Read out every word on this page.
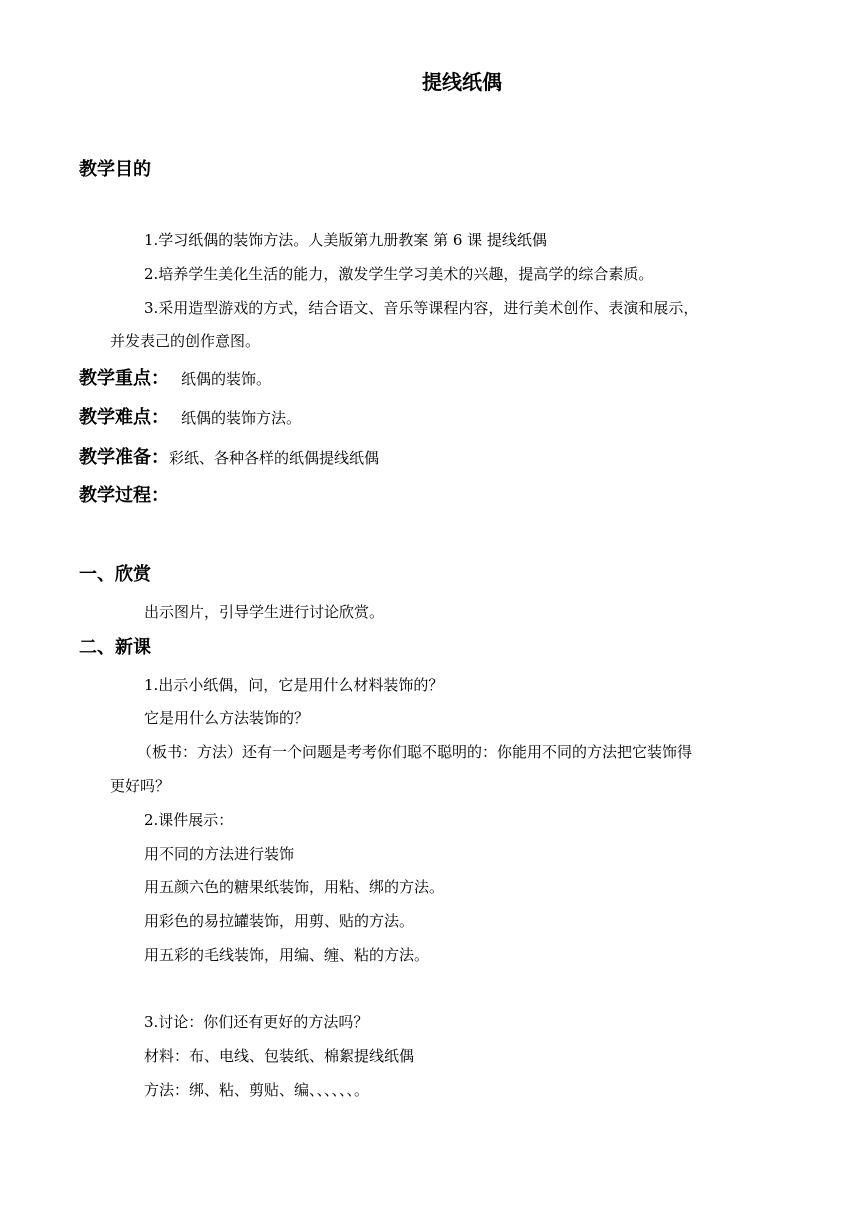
提线纸偶
教学目的
1.学习纸偶的装饰方法。人美版第九册教案 第 6 课 提线纸偶
2.培养学生美化生活的能力，激发学生学习美术的兴趣，提高学的综合素质。
3.采用造型游戏的方式，结合语文、音乐等课程内容，进行美术创作、表演和展示，
并发表己的创作意图。
教学重点： 纸偶的装饰。
教学难点： 纸偶的装饰方法。
教学准备：彩纸、各种各样的纸偶提线纸偶
教学过程：
一、欣赏
出示图片，引导学生进行讨论欣赏。
二、新课
1.出示小纸偶，问，它是用什么材料装饰的？
它是用什么方法装饰的？
（板书：方法）还有一个问题是考考你们聪不聪明的：你能用不同的方法把它装饰得
更好吗？
2.课件展示：
用不同的方法进行装饰
用五颜六色的糖果纸装饰，用粘、绑的方法。
用彩色的易拉罐装饰，用剪、贴的方法。
用五彩的毛线装饰，用编、缠、粘的方法。
3.讨论：你们还有更好的方法吗？
材料：布、电线、包装纸、棉絮提线纸偶
方法：绑、粘、剪贴、编、、、、、、。
